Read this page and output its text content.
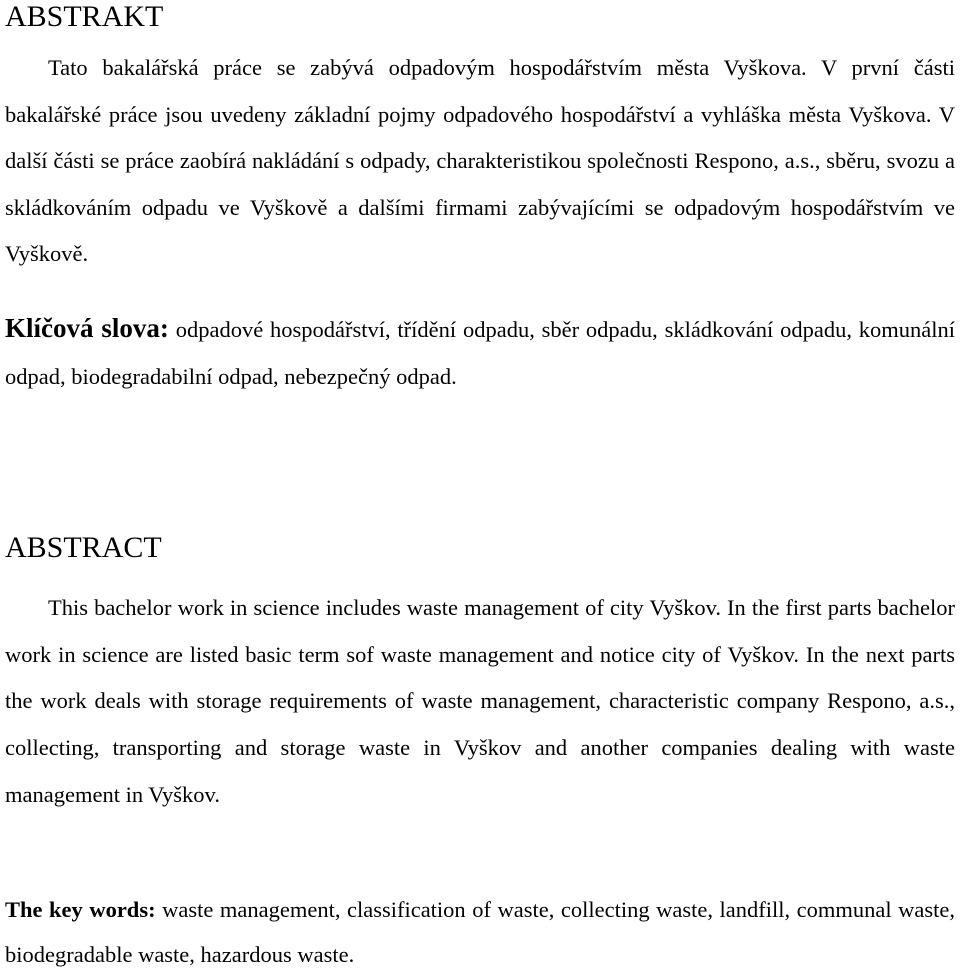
ABSTRAKT

Tato bakalářská práce se zabývá odpadovým hospodářstvím města Vyškova. V první části bakalářské práce jsou uvedeny základní pojmy odpadového hospodářství a vyhláška města Vyškova. V další části se práce zaobírá nakládání s odpady, charakteristikou společnosti Respono, a.s., sběru, svozu a skládkováním odpadu ve Vyškově a dalšími firmami zabývajícími se odpadovým hospodářstvím ve Vyškově.

Klíčová slova: odpadové hospodářství, třídění odpadu, sběr odpadu, skládkování odpadu, komunální odpad, biodegradabilní odpad, nebezpečný odpad.

ABSTRACT

This bachelor work in science includes waste management of city Vyškov. In the first parts bachelor work in science are listed basic term sof waste management and notice city of Vyškov. In the next parts the work deals with storage requirements of waste management, characteristic company Respono, a.s., collecting, transporting and storage waste in Vyškov and another companies dealing with waste management in Vyškov.

The key words: waste management, classification of waste, collecting waste, landfill, communal waste, biodegradable waste, hazardous waste.
